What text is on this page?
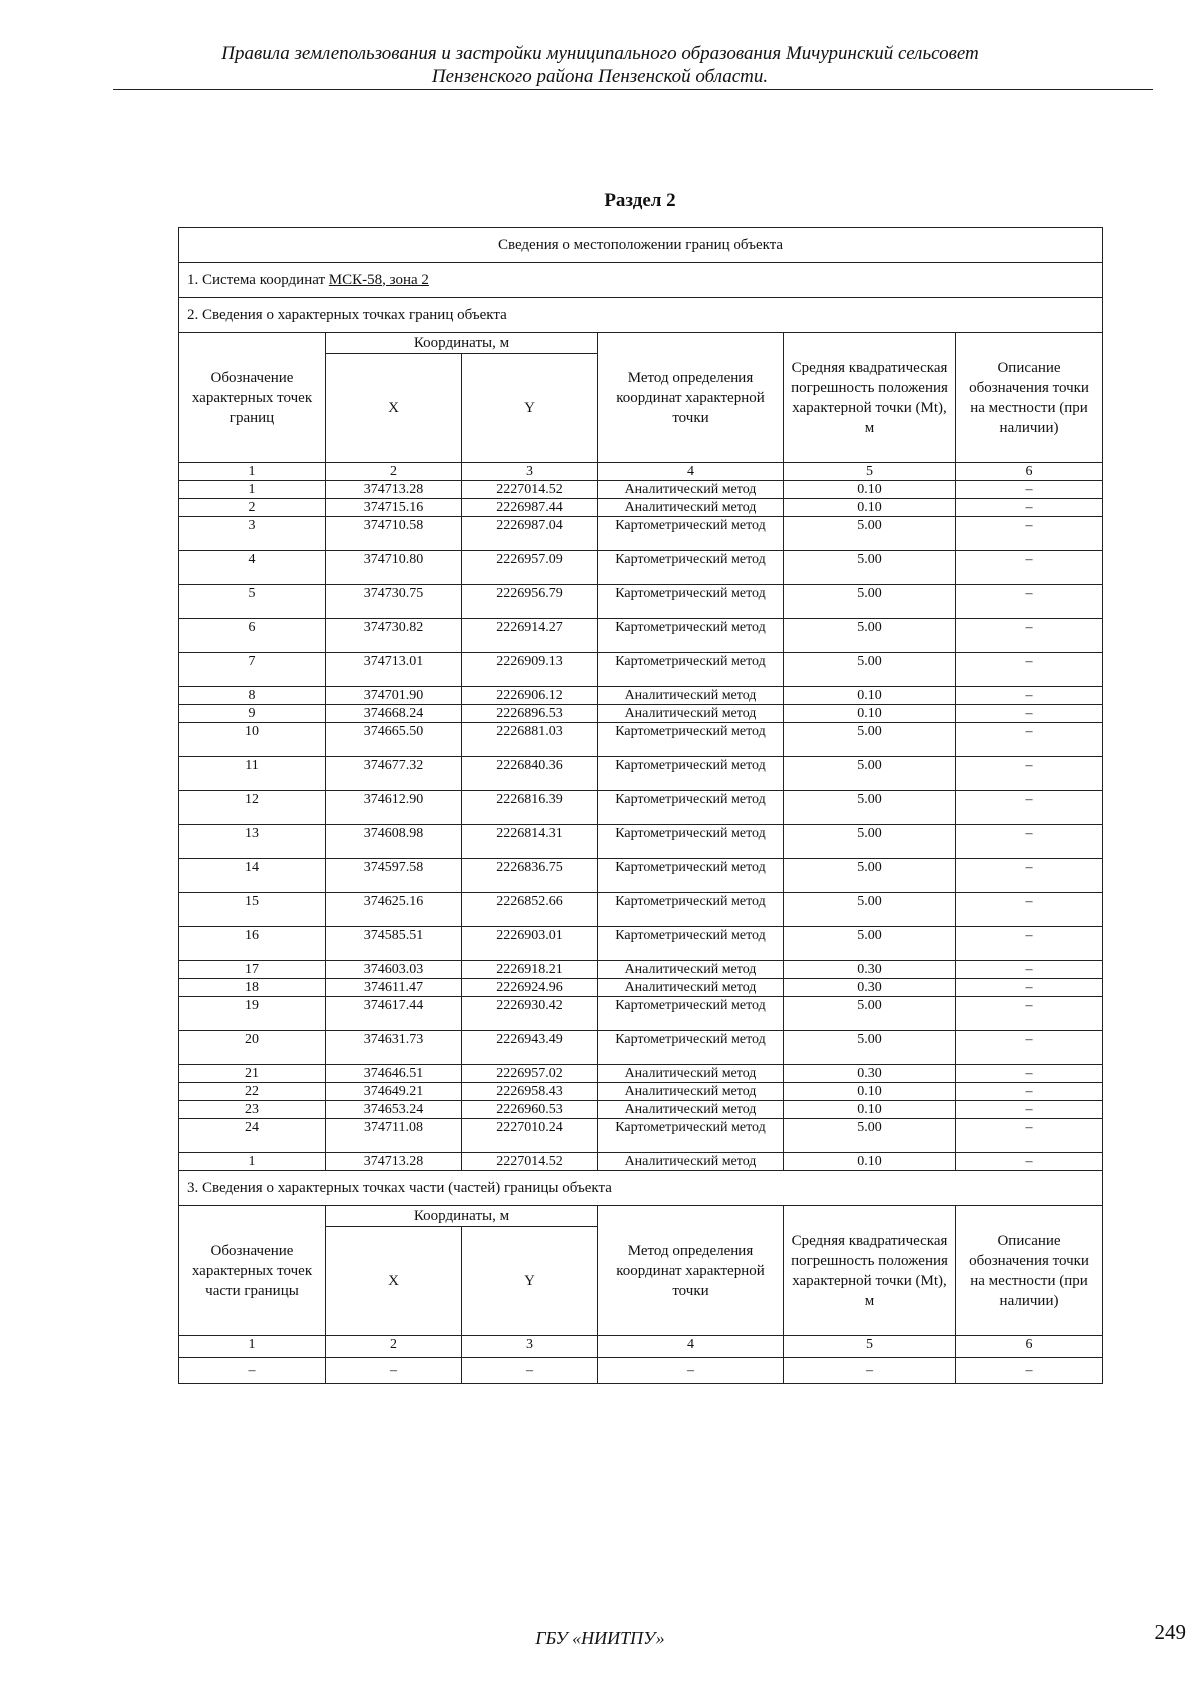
Правила землепользования и застройки муниципального образования Мичуринский сельсовет
Пензенского района Пензенской области.
Раздел 2
Сведения о местоположении границ объекта					
1. Система координат МСК-58, зона 2					
2. Сведения о характерных точках границ объекта					
Обозначение характерных точек границ	Координаты, м		Метод определения координат характерной точки	Средняя квадратическая погрешность положения характерной точки (Mt), м	Описание обозначения точки на местности (при наличии)
	X	Y			
1	2	3	4	5	6
1	374713.28	2227014.52	Аналитический метод	0.10	–
2	374715.16	2226987.44	Аналитический метод	0.10	–
3	374710.58	2226987.04	Картометрический метод	5.00	–
4	374710.80	2226957.09	Картометрический метод	5.00	–
5	374730.75	2226956.79	Картометрический метод	5.00	–
6	374730.82	2226914.27	Картометрический метод	5.00	–
7	374713.01	2226909.13	Картометрический метод	5.00	–
8	374701.90	2226906.12	Аналитический метод	0.10	–
9	374668.24	2226896.53	Аналитический метод	0.10	–
10	374665.50	2226881.03	Картометрический метод	5.00	–
11	374677.32	2226840.36	Картометрический метод	5.00	–
12	374612.90	2226816.39	Картометрический метод	5.00	–
13	374608.98	2226814.31	Картометрический метод	5.00	–
14	374597.58	2226836.75	Картометрический метод	5.00	–
15	374625.16	2226852.66	Картометрический метод	5.00	–
16	374585.51	2226903.01	Картометрический метод	5.00	–
17	374603.03	2226918.21	Аналитический метод	0.30	–
18	374611.47	2226924.96	Аналитический метод	0.30	–
19	374617.44	2226930.42	Картометрический метод	5.00	–
20	374631.73	2226943.49	Картометрический метод	5.00	–
21	374646.51	2226957.02	Аналитический метод	0.30	–
22	374649.21	2226958.43	Аналитический метод	0.10	–
23	374653.24	2226960.53	Аналитический метод	0.10	–
24	374711.08	2227010.24	Картометрический метод	5.00	–
1	374713.28	2227014.52	Аналитический метод	0.10	–
3. Сведения о характерных точках части (частей) границы объекта					
Обозначение характерных точек части границы	Координаты, м		Метод определения координат характерной точки	Средняя квадратическая погрешность положения характерной точки (Mt), м	Описание обозначения точки на местности (при наличии)
	X	Y			
1	2	3	4	5	6
–	–	–	–	–	–
ГБУ «НИИТПУ»	249
